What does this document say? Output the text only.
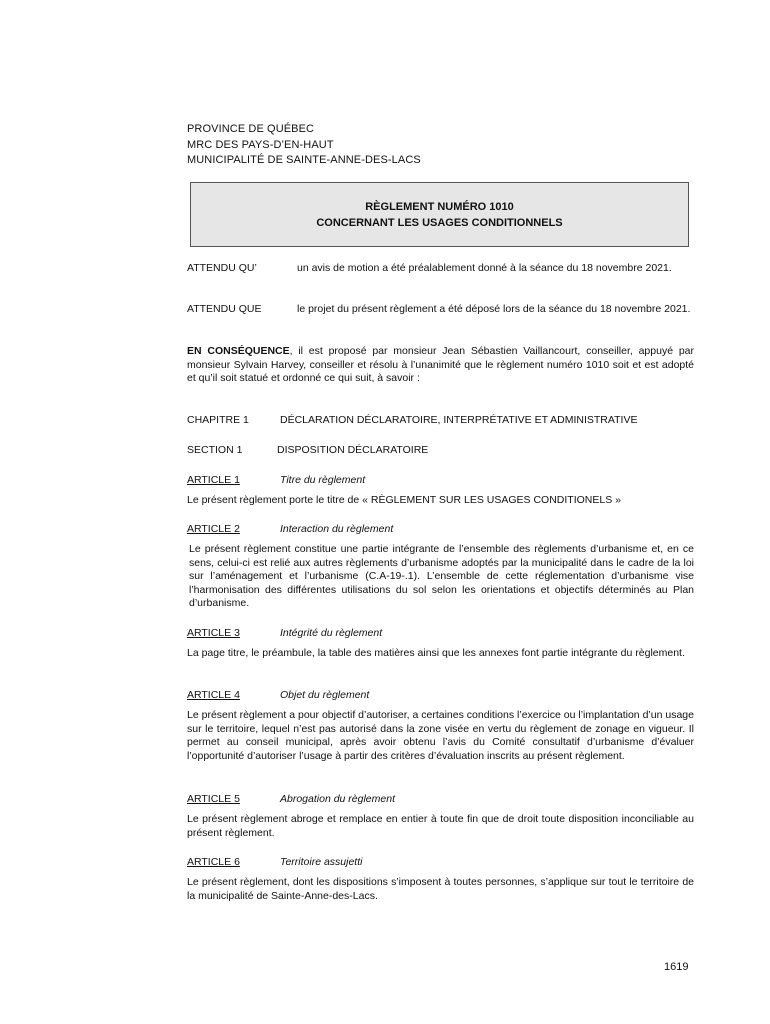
PROVINCE DE QUÉBEC
MRC DES PAYS-D’EN-HAUT
MUNICIPALITÉ DE SAINTE-ANNE-DES-LACS
RÈGLEMENT NUMÉRO 1010
CONCERNANT LES USAGES CONDITIONNELS
ATTENDU QU’	un avis de motion a été préalablement donné à la séance du 18 novembre 2021.
ATTENDU QUE	le projet du présent règlement a été déposé lors de la séance du 18 novembre 2021.
EN CONSÉQUENCE, il est proposé par monsieur Jean Sébastien Vaillancourt, conseiller, appuyé par monsieur Sylvain Harvey, conseiller et résolu à l’unanimité que le règlement numéro 1010 soit et est adopté et qu’il soit statué et ordonné ce qui suit, à savoir :
CHAPITRE 1	DÉCLARATION DÉCLARATOIRE, INTERPRÉTATIVE ET ADMINISTRATIVE
SECTION 1	DISPOSITION DÉCLARATOIRE
ARTICLE 1	Titre du règlement
Le présent règlement porte le titre de « RÈGLEMENT SUR LES USAGES CONDITIONELS »
ARTICLE 2	Interaction du règlement
Le présent règlement constitue une partie intégrante de l’ensemble des règlements d’urbanisme et, en ce sens, celui-ci est relié aux autres règlements d’urbanisme adoptés par la municipalité dans le cadre de la loi sur l’aménagement et l’urbanisme (C.A-19-.1). L’ensemble de cette réglementation d’urbanisme vise l’harmonisation des différentes utilisations du sol selon les orientations et objectifs déterminés au Plan d’urbanisme.
ARTICLE 3	Intégrité du règlement
La page titre, le préambule, la table des matières ainsi que les annexes font partie intégrante du règlement.
ARTICLE 4	Objet du règlement
Le présent règlement a pour objectif d’autoriser, a certaines conditions l’exercice ou l’implantation d’un usage sur le territoire, lequel n’est pas autorisé dans la zone visée en vertu du règlement de zonage en vigueur. Il permet au conseil municipal, après avoir obtenu l’avis du Comité consultatif d’urbanisme d’évaluer l’opportunité d’autoriser l’usage à partir des critères d’évaluation inscrits au présent règlement.
ARTICLE 5	Abrogation du règlement
Le présent règlement abroge et remplace en entier à toute fin que de droit toute disposition inconciliable au présent règlement.
ARTICLE 6	Territoire assujetti
Le présent règlement, dont les dispositions s’imposent à toutes personnes, s’applique sur tout le territoire de la municipalité de Sainte-Anne-des-Lacs.
1619
